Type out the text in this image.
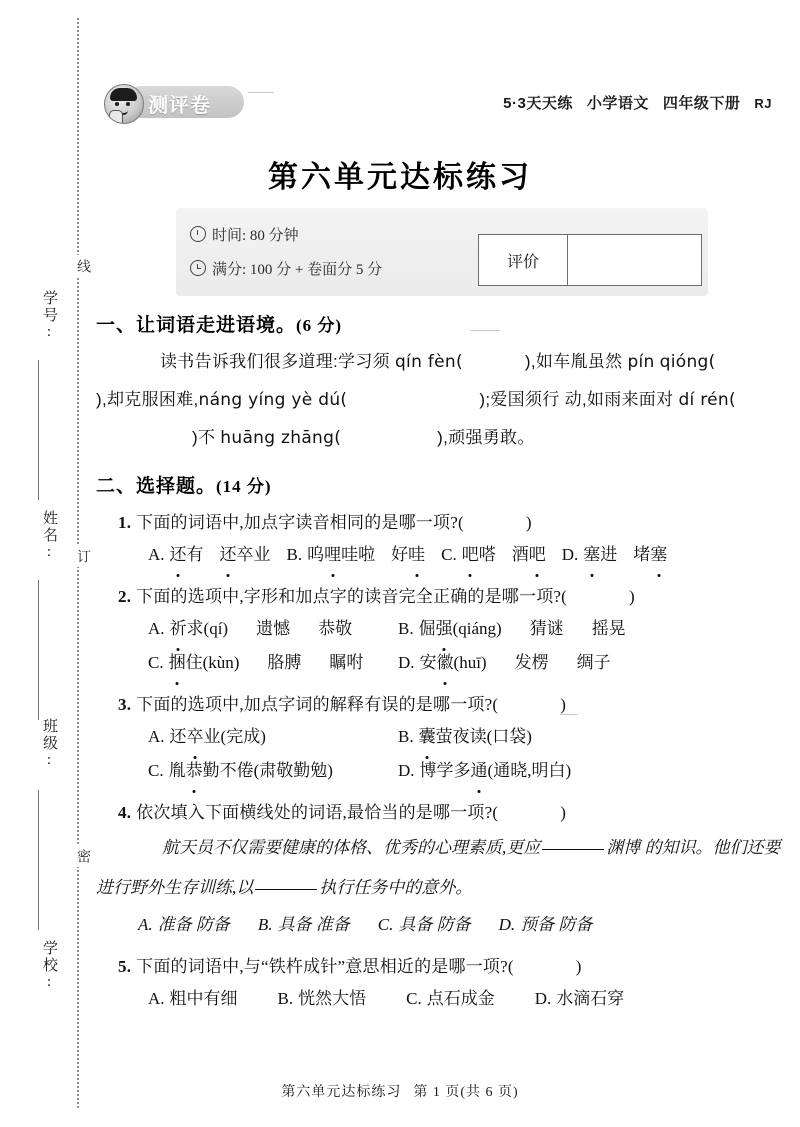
线
订
密
学号:
姓名:
班级:
学校:
测评卷	5·3天天练 小学语文 四年级下册 RJ
第六单元达标练习
时间: 80 分钟
满分: 100 分 + 卷面分 5 分	评价
一、让词语走进语境。(6 分)
读书告诉我们很多道理:学习须 qín fèn(	),如车胤虽然 pín qióng(),却克服困难,náng yíng yè dú(	);爱国须行 动,如雨来面对 dí rén()不 huāng zhāng(	),顽强勇敢。
二、选择题。(14 分)
1. 下面的词语中,加点字读音相同的是哪一项?(	)
A. 还有 还卒业 B. 呜哩哇啦 好哇 C. 吧嗒 酒吧 D. 塞进 堵塞
2. 下面的选项中,字形和加点字的读音完全正确的是哪一项?(	)
A. 祈求(qí) 遗憾 恭敬	B. 倔强(qiáng) 猜谜 摇晃
C. 捆住(kùn) 胳膊 瞩咐 D. 安徽(huī) 发楞 绸子
3. 下面的选项中,加点字词的解释有误的是哪一项?(	)
A. 还卒业(完成)	B. 囊萤夜读(口袋)
C. 胤恭勤不倦(肃敬勤勉)	D. 博学多通(通晓,明白)
4. 依次填入下面横线处的词语,最恰当的是哪一项?(	)
航天员不仅需要健康的体格、优秀的心理素质,更应	渊博 的知识。他们还要进行野外生存训练,以	执行任务中的意外。
A. 准备 防备 B. 具备 准备 C. 具备 防备 D. 预备 防备
5. 下面的词语中,与“铁杵成针”意思相近的是哪一项?(	)
A. 粗中有细 B. 恍然大悟 C. 点石成金 D. 水滴石穿
第六单元达标练习 第 1 页(共 6 页)
